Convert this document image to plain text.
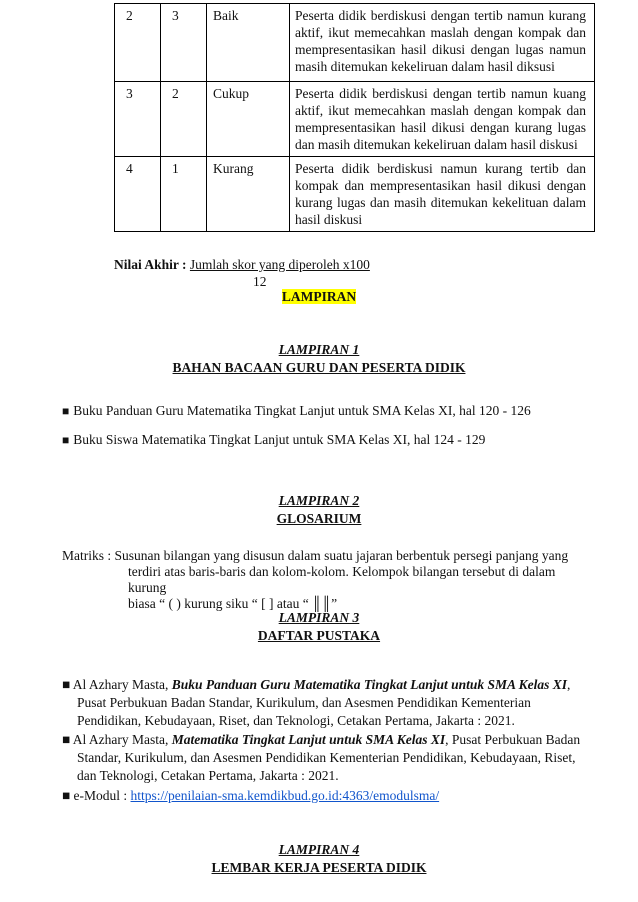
2	3	Baik	Peserta didik berdiskusi dengan tertib namun kurang aktif, ikut memecahkan maslah dengan kompak dan mempresentasikan hasil dikusi dengan lugas namun masih ditemukan kekeliruan dalam hasil diksusi
3	2	Cukup	Peserta didik berdiskusi dengan tertib namun kuang aktif, ikut memecahkan maslah dengan kompak dan mempresentasikan hasil dikusi dengan kurang lugas dan masih ditemukan kekeliruan dalam hasil diskusi
4	1	Kurang	Peserta didik berdiskusi namun kurang tertib dan kompak dan mempresentasikan hasil dikusi dengan kurang lugas dan masih ditemukan kekelituan dalam hasil diskusi
Nilai Akhir : Jumlah skor yang diperoleh x100
12
LAMPIRAN
LAMPIRAN 1
BAHAN BACAAN GURU DAN PESERTA DIDIK
■ Buku Panduan Guru Matematika Tingkat Lanjut untuk SMA Kelas XI, hal 120 - 126
■ Buku Siswa Matematika Tingkat Lanjut untuk SMA Kelas XI, hal 124 - 129
LAMPIRAN 2
GLOSARIUM
Matriks : Susunan bilangan yang disusun dalam suatu jajaran berbentuk persegi panjang yang
terdiri atas baris-baris dan kolom-kolom. Kelompok bilangan tersebut di dalam kurung
biasa “ ( ) kurung siku “ [ ] atau “ ║║”
LAMPIRAN 3
DAFTAR PUSTAKA
■ Al Azhary Masta, Buku Panduan Guru Matematika Tingkat Lanjut untuk SMA Kelas XI,
Pusat Perbukuan Badan Standar, Kurikulum, dan Asesmen Pendidikan Kementerian
Pendidikan, Kebudayaan, Riset, dan Teknologi, Cetakan Pertama, Jakarta : 2021.
■ Al Azhary Masta, Matematika Tingkat Lanjut untuk SMA Kelas XI, Pusat Perbukuan Badan
Standar, Kurikulum, dan Asesmen Pendidikan Kementerian Pendidikan, Kebudayaan, Riset,
dan Teknologi, Cetakan Pertama, Jakarta : 2021.
■ e-Modul : https://penilaian-sma.kemdikbud.go.id:4363/emodulsma/
LAMPIRAN 4
LEMBAR KERJA PESERTA DIDIK
